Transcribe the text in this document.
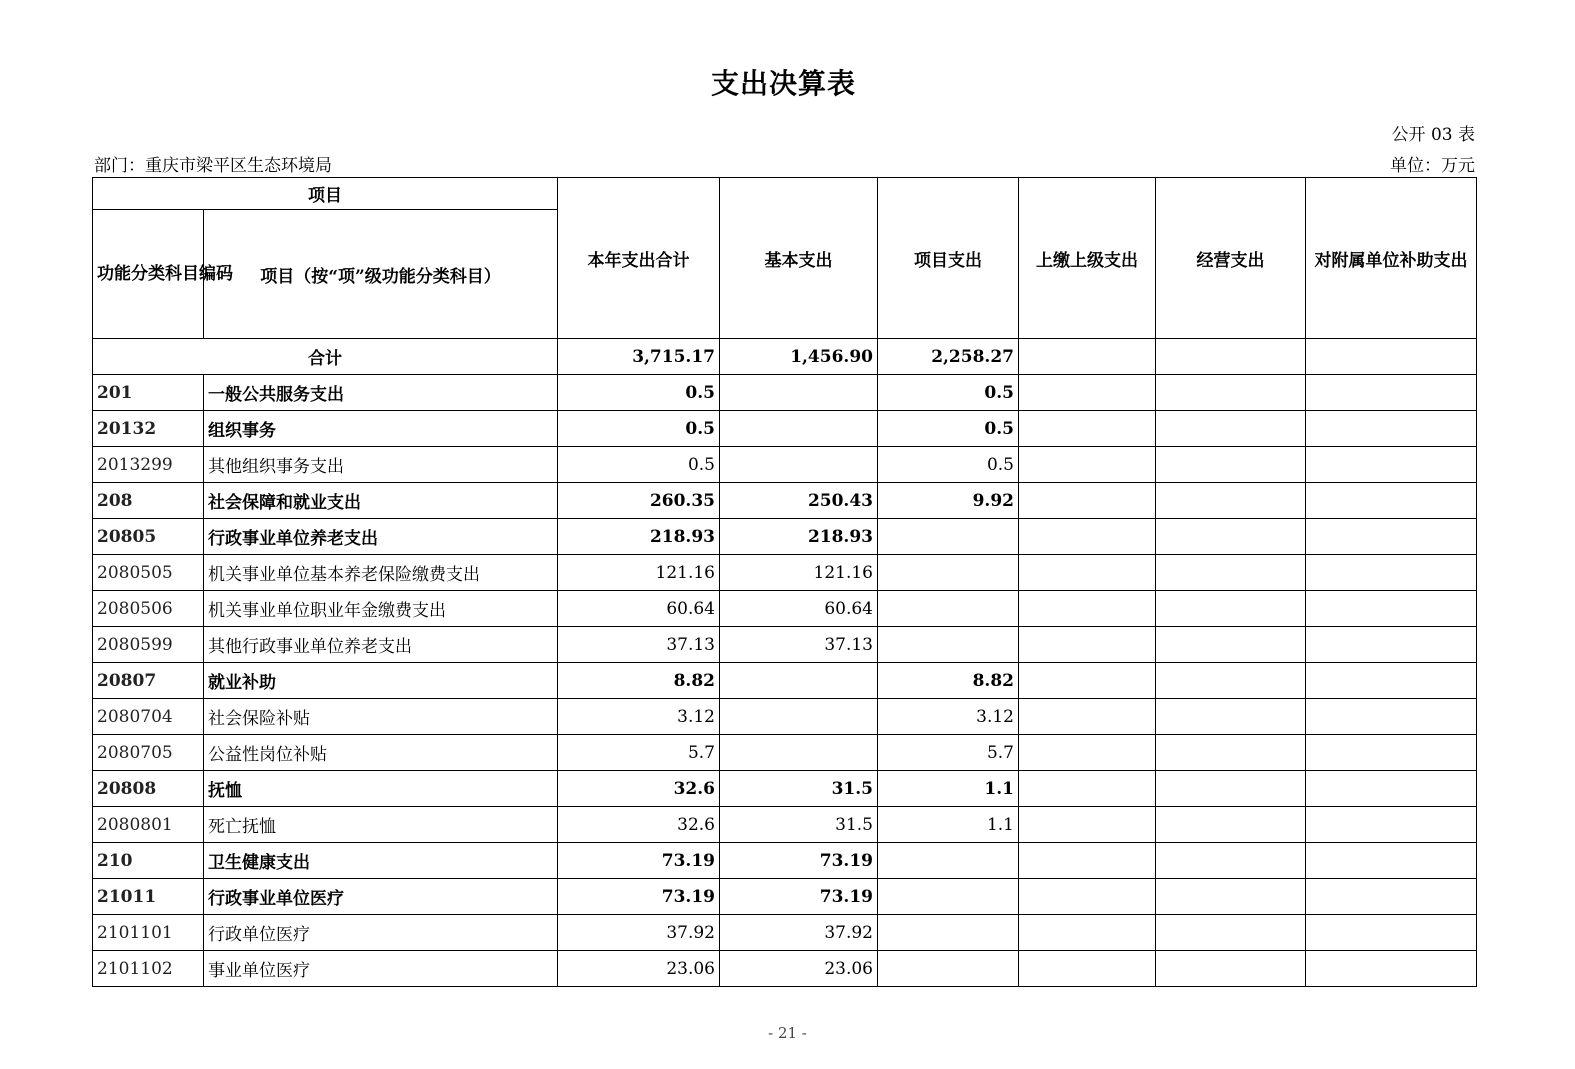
支出决算表
公开 03 表
部门：重庆市梁平区生态环境局	单位：万元
项目		本年支出合计	基本支出	项目支出	上缴上级支出	经营支出	对附属单位补助支出
功能分类科目编码	项目（按“项”级功能分类科目）						
合计		3,715.17	1,456.90	2,258.27			
201	一般公共服务支出	0.5		0.5			
20132	组织事务	0.5		0.5			
2013299	其他组织事务支出	0.5		0.5			
208	社会保障和就业支出	260.35	250.43	9.92			
20805	行政事业单位养老支出	218.93	218.93				
2080505	机关事业单位基本养老保险缴费支出	121.16	121.16				
2080506	机关事业单位职业年金缴费支出	60.64	60.64				
2080599	其他行政事业单位养老支出	37.13	37.13				
20807	就业补助	8.82		8.82			
2080704	社会保险补贴	3.12		3.12			
2080705	公益性岗位补贴	5.7		5.7			
20808	抚恤	32.6	31.5	1.1			
2080801	死亡抚恤	32.6	31.5	1.1			
210	卫生健康支出	73.19	73.19				
21011	行政事业单位医疗	73.19	73.19				
2101101	行政单位医疗	37.92	37.92				
2101102	事业单位医疗	23.06	23.06				
- 21 -
